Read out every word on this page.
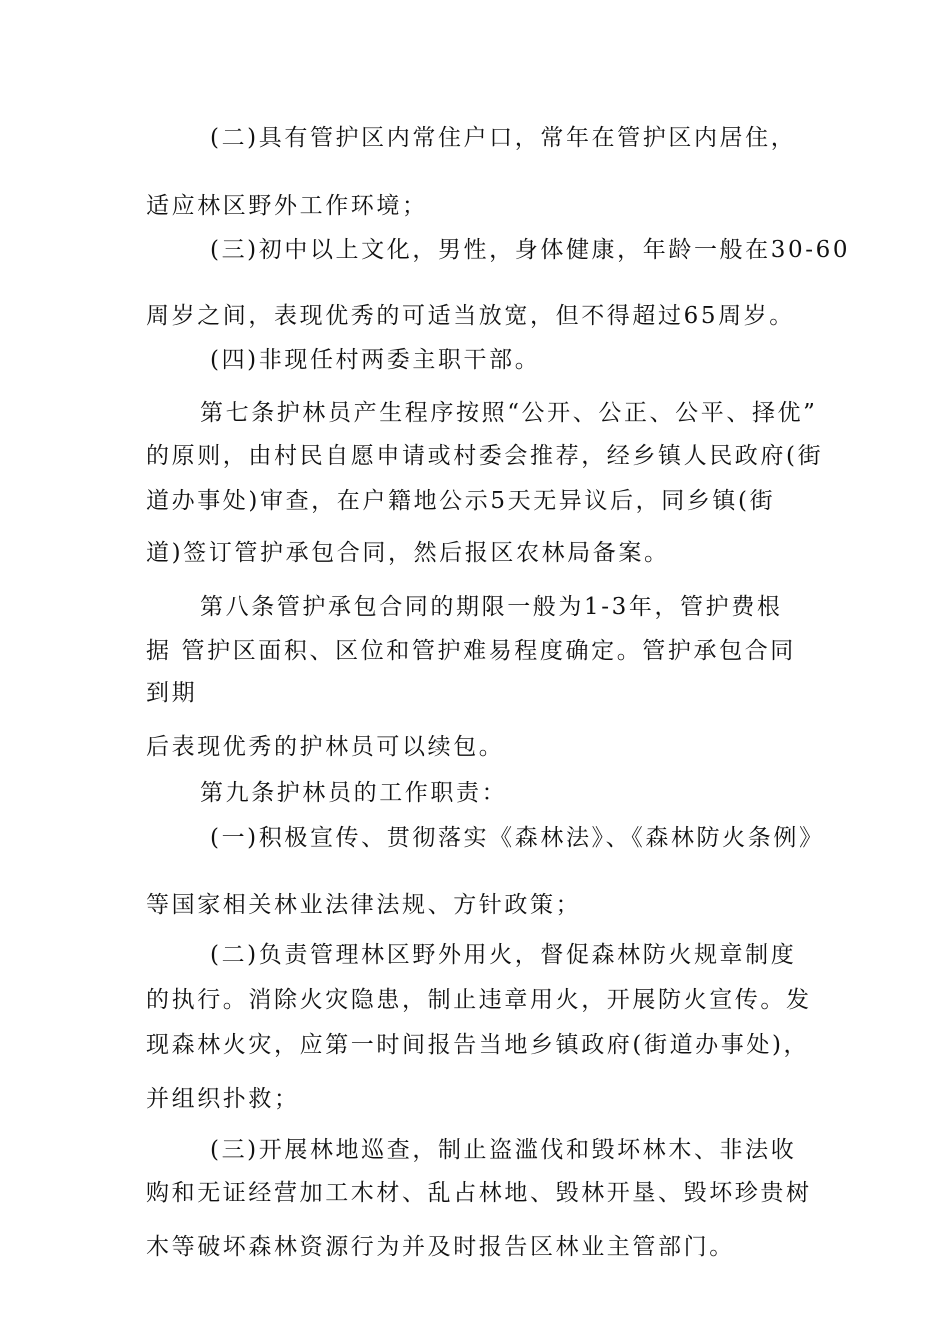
(二)具有管护区内常住户口，常年在管护区内居住，
适应林区野外工作环境；
(三)初中以上文化，男性，身体健康，年龄一般在30-60
周岁之间，表现优秀的可适当放宽，但不得超过65周岁。
(四)非现任村两委主职干部。
第七条护林员产生程序按照“公开、公正、公平、择优”
的原则，由村民自愿申请或村委会推荐，经乡镇人民政府(街
道办事处)审查，在户籍地公示5天无异议后，同乡镇(街
道)签订管护承包合同，然后报区农林局备案。
第八条管护承包合同的期限一般为1-3年，管护费根
据 管护区面积、区位和管护难易程度确定。管护承包合同
到期
后表现优秀的护林员可以续包。
第九条护林员的工作职责：
(一)积极宣传、贯彻落实《森林法》、《森林防火条例》
等国家相关林业法律法规、方针政策；
(二)负责管理林区野外用火，督促森林防火规章制度
的执行。消除火灾隐患，制止违章用火，开展防火宣传。发
现森林火灾，应第一时间报告当地乡镇政府(街道办事处)，
并组织扑救；
(三)开展林地巡查，制止盗滥伐和毁坏林木、非法收
购和无证经营加工木材、乱占林地、毁林开垦、毁坏珍贵树
木等破坏森林资源行为并及时报告区林业主管部门。
